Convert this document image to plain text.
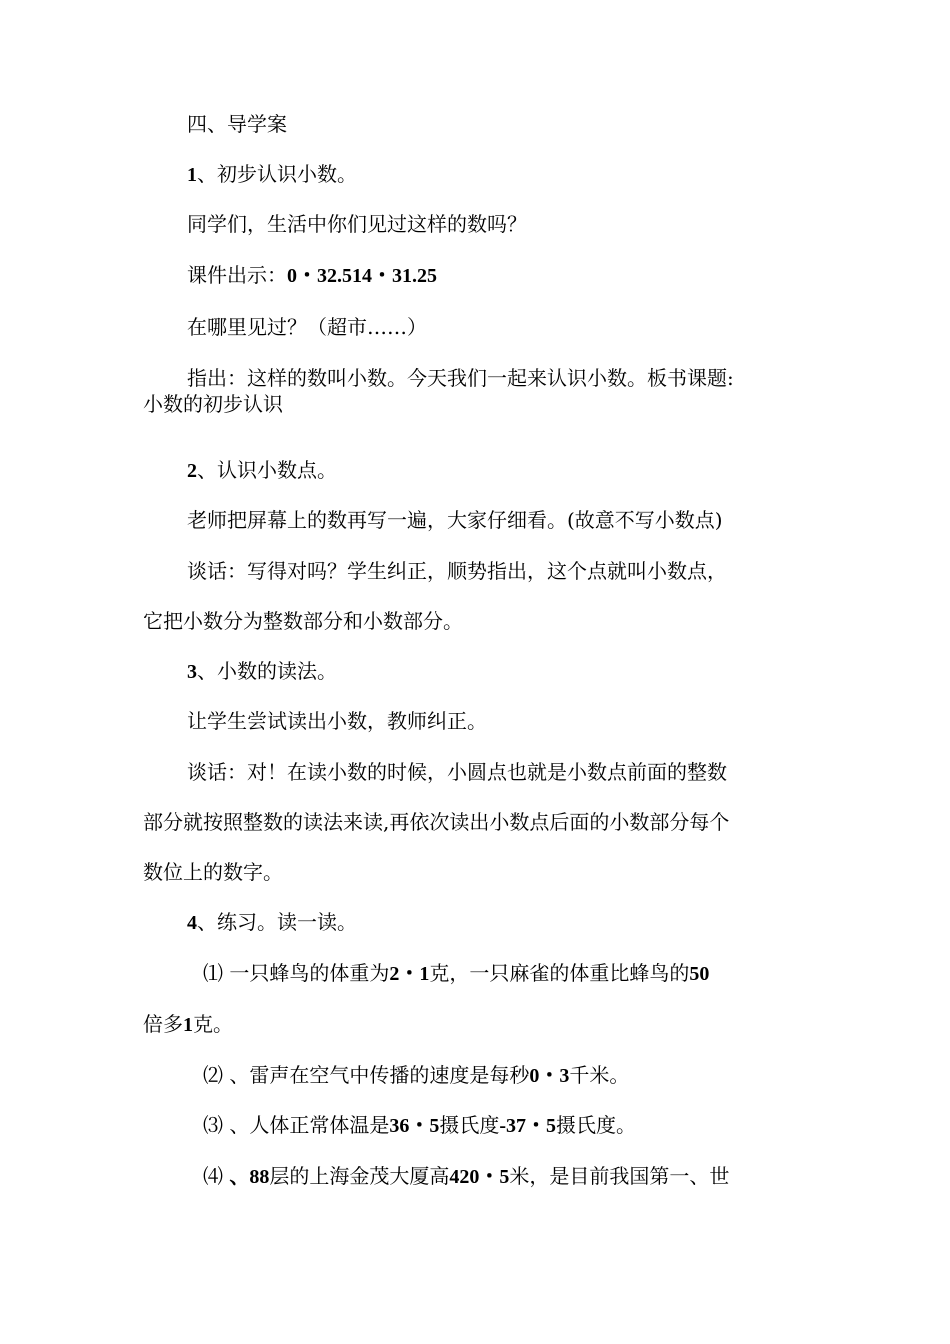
四、导学案
1、初步认识小数。
同学们，生活中你们见过这样的数吗？
课件出示：0・32.514・31.25
在哪里见过？（超市……）
指出：这样的数叫小数。今天我们一起来认识小数。板书课题:
小数的初步认识
2、认识小数点。
老师把屏幕上的数再写一遍，大家仔细看。(故意不写小数点)
谈话：写得对吗？学生纠正，顺势指出，这个点就叫小数点，
它把小数分为整数部分和小数部分。
3、小数的读法。
让学生尝试读出小数，教师纠正。
谈话：对！在读小数的时候，小圆点也就是小数点前面的整数
部分就按照整数的读法来读,再依次读出小数点后面的小数部分每个
数位上的数字。
4、练习。读一读。
⑴ 一只蜂鸟的体重为2・1克，一只麻雀的体重比蜂鸟的50
倍多1克。
⑵ 、雷声在空气中传播的速度是每秒0・3千米。
⑶ 、人体正常体温是36・5摄氏度-37・5摄氏度。
⑷ 、88层的上海金茂大厦高420・5米，是目前我国第一、世
